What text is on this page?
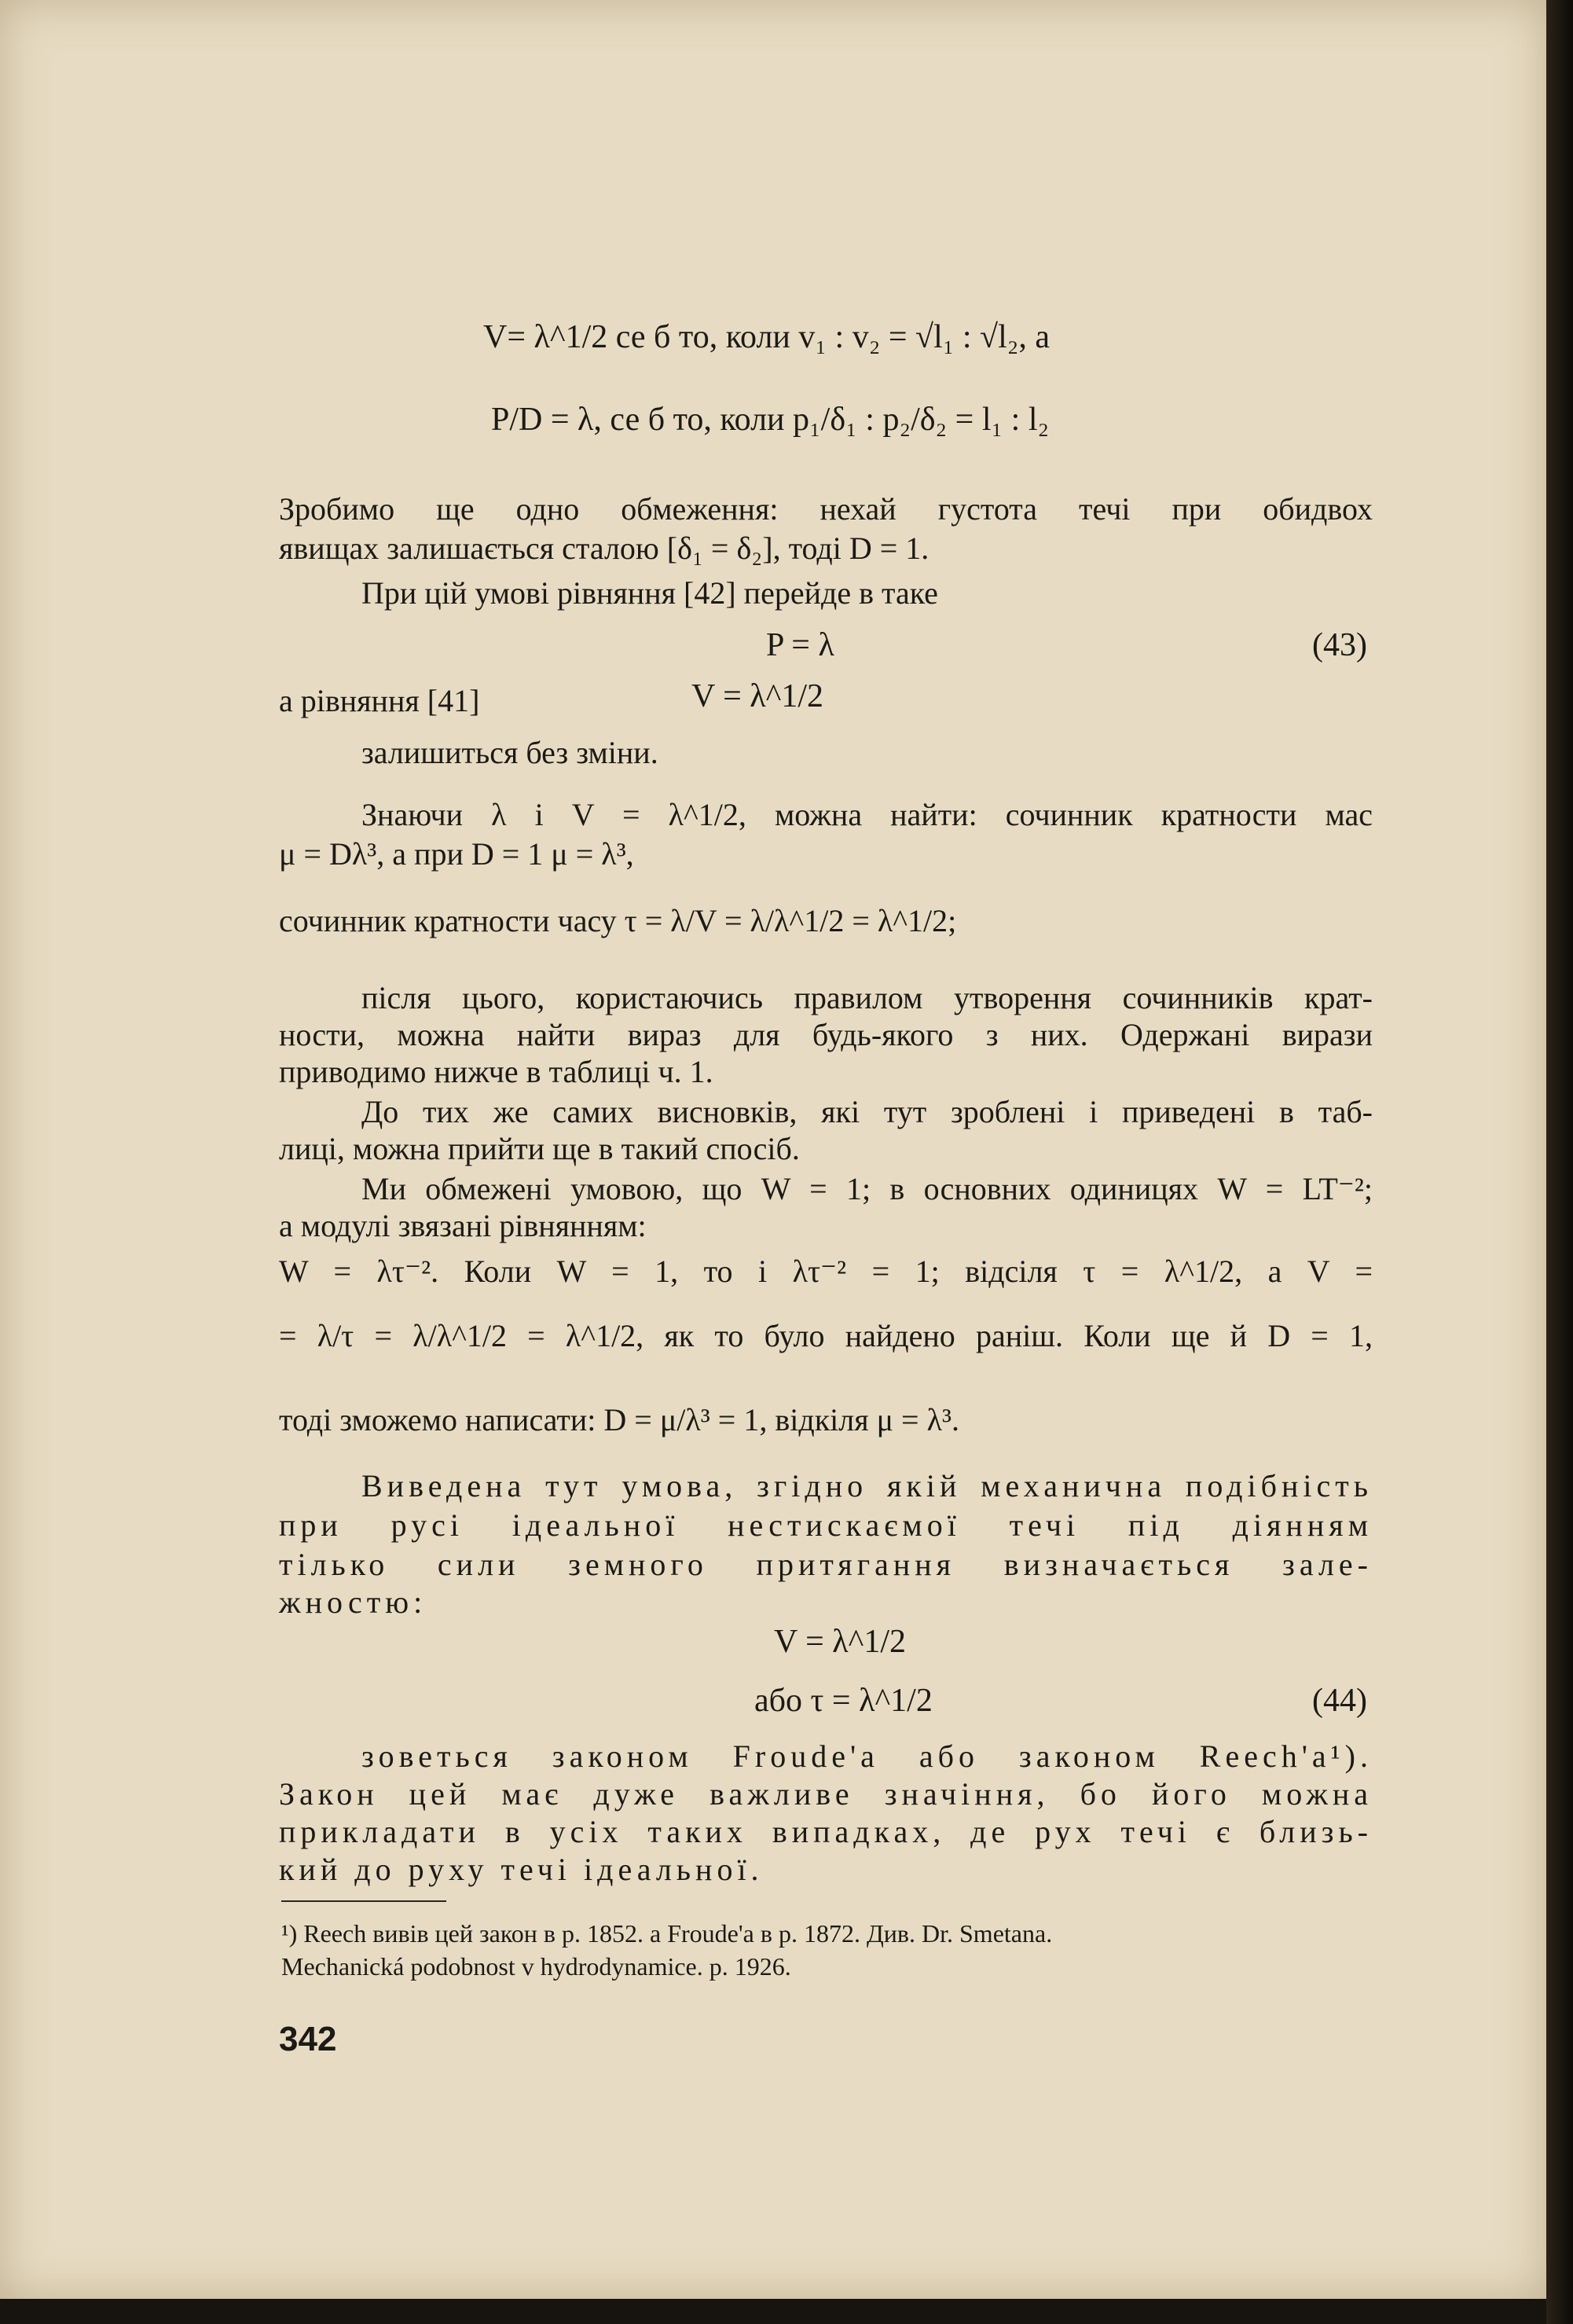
V= λ^1/2 се б то, коли v₁ : v₂ = √l₁ : √l₂, а
P/D = λ, се б то, коли p₁/δ₁ : p₂/δ₂ = l₁ : l₂
Зробимо ще одно обмеження: нехай густота течі при обидвох
явищах залишається сталою [δ₁ = δ₂], тоді D = 1.
При цій умові рівняння [42] перейде в таке
P = λ	(43)
а рівняння [41]	V = λ^1/2
залишиться без зміни.
Знаючи λ і V = λ^1/2, можна найти: сочинник кратности мас
μ = Dλ³, а при D = 1 μ = λ³,
сочинник кратности часу τ = λ/V = λ/λ^1/2 = λ^1/2;
після цього, користаючись правилом утворення сочинників крат-
ности, можна найти вираз для будь-якого з них. Одержані вирази
приводимо нижче в таблиці ч. 1.
До тих же самих висновків, які тут зроблені і приведені в таб-
лиці, можна прийти ще в такий спосіб.
Ми обмежені умовою, що W = 1; в основних одиницях W = LT⁻²;
а модулі звязані рівнянням:
W = λτ⁻². Коли W = 1, то і λτ⁻² = 1; відсіля τ = λ^1/2, а V =
= λ/τ = λ/λ^1/2 = λ^1/2, як то було найдено раніш. Коли ще й D = 1,
тоді зможемо написати: D = μ/λ³ = 1, відкіля μ = λ³.
Виведена тут умова, згідно якій механична подібність
при русі ідеальної нестискаємої течі під діянням
тілько сили земного притягання визначається зале-
жностю:
V = λ^1/2
або τ = λ^1/2	(44)
зоветься законом Froude'а або законом Reech'а¹).
Закон цей має дуже важливе значіння, бо його можна
прикладати в усіх таких випадках, де рух течі є близь-
кий до руху течі ідеальної.
¹) Reech вивів цей закон в р. 1852. а Froude'а в р. 1872. Див. Dr. Smetana.
Mechanická podobnost v hydrodynamice. p. 1926.
342
